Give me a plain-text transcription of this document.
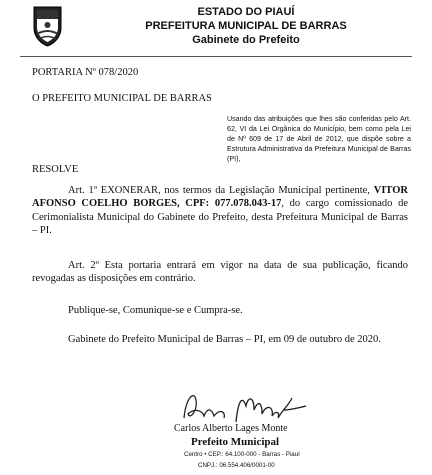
ESTADO DO PIAUÍ
PREFEITURA MUNICIPAL DE BARRAS
Gabinete do Prefeito
PORTARIA Nº 078/2020
O PREFEITO MUNICIPAL DE BARRAS
Usando das atribuições que lhes são conferidas pelo Art. 62, VI da Lei Orgânica do Município, bem como pela Lei de Nº 609 de 17 de Abril de 2012, que dispõe sobre a Estrutura Administrativa da Prefeitura Municipal de Barras (PI),
RESOLVE
Art. 1º EXONERAR, nos termos da Legislação Municipal pertinente, VITOR AFONSO COELHO BORGES, CPF: 077.078.043-17, do cargo comissionado de Cerimonialista Municipal do Gabinete do Prefeito, desta Prefeitura Municipal de Barras – PI.
Art. 2º Esta portaria entrará em vigor na data de sua publicação, ficando revogadas as disposições em contrário.
Publique-se, Comunique-se e Cumpra-se.
Gabinete do Prefeito Municipal de Barras – PI, em 09 de outubro de 2020.
Carlos Alberto Lages Monte
Prefeito Municipal
Centro • CEP.: 64.100-000 - Barras - Piauí
CNPJ.: 06.554.406/0001-00
